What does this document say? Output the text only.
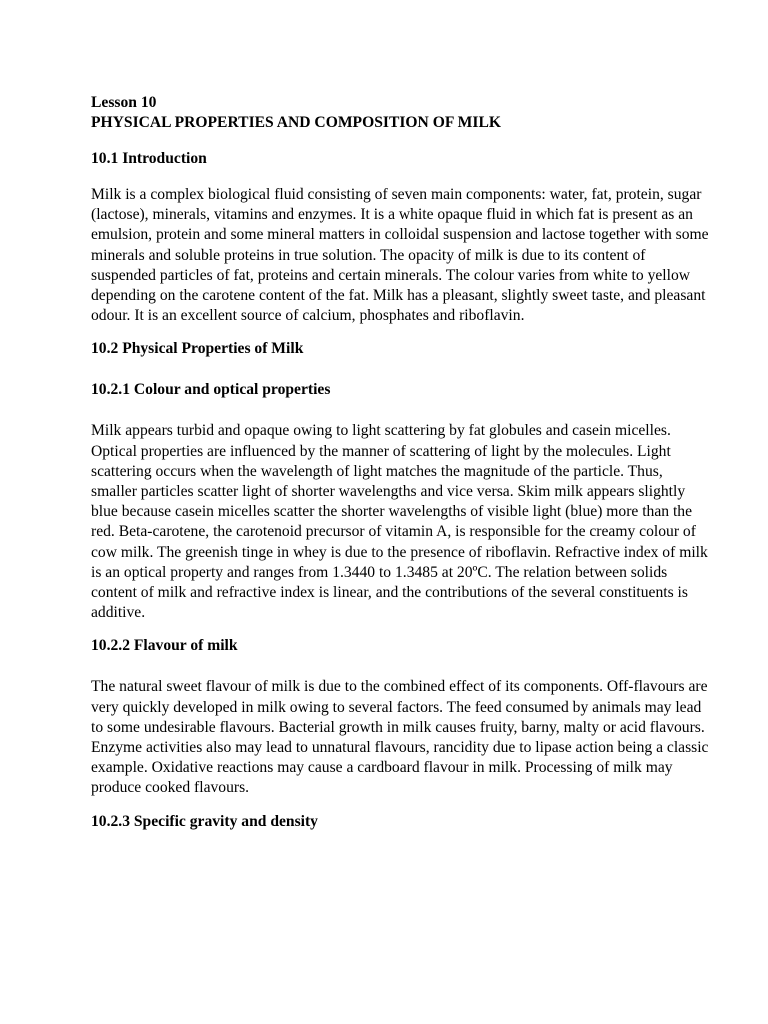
Lesson 10

PHYSICAL PROPERTIES AND COMPOSITION OF MILK

10.1 Introduction

Milk is a complex biological fluid consisting of seven main components: water, fat, protein, sugar (lactose), minerals, vitamins and enzymes. It is a white opaque fluid in which fat is present as an emulsion, protein and some mineral matters in colloidal suspension and lactose together with some minerals and soluble proteins in true solution. The opacity of milk is due to its content of suspended particles of fat, proteins and certain minerals. The colour varies from white to yellow depending on the carotene content of the fat. Milk has a pleasant, slightly sweet taste, and pleasant odour. It is an excellent source of calcium, phosphates and riboflavin.

10.2 Physical Properties of Milk

10.2.1 Colour and optical properties

Milk appears turbid and opaque owing to light scattering by fat globules and casein micelles. Optical properties are influenced by the manner of scattering of light by the molecules. Light scattering occurs when the wavelength of light matches the magnitude of the particle. Thus, smaller particles scatter light of shorter wavelengths and vice versa. Skim milk appears slightly blue because casein micelles scatter the shorter wavelengths of visible light (blue) more than the red. Beta-carotene, the carotenoid precursor of vitamin A, is responsible for the creamy colour of cow milk. The greenish tinge in whey is due to the presence of riboflavin. Refractive index of milk is an optical property and ranges from 1.3440 to 1.3485 at 20ºC. The relation between solids content of milk and refractive index is linear, and the contributions of the several constituents is additive.

10.2.2 Flavour of milk

The natural sweet flavour of milk is due to the combined effect of its components. Off-flavours are very quickly developed in milk owing to several factors. The feed consumed by animals may lead to some undesirable flavours. Bacterial growth in milk causes fruity, barny, malty or acid flavours. Enzyme activities also may lead to unnatural flavours, rancidity due to lipase action being a classic example. Oxidative reactions may cause a cardboard flavour in milk. Processing of milk may produce cooked flavours.

10.2.3 Specific gravity and density
